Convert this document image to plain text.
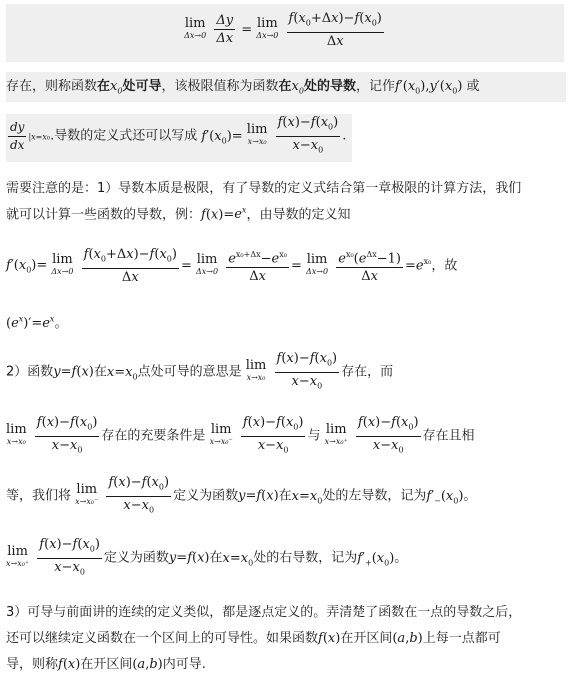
lim
Δx→0
$\frac{\Delta y}{\Delta x} = \lim$
Δx→0
$\frac{f(x_0+\Delta x)-f(x_0)}{\Delta x}$
存在，则称函数在$x_0$处可导，该极限值称为函数在$x_0$处的导数，记作$f'(x_0),y'(x_0)$ 或
$\frac{dy}{dx} |x=x_0$.导数的定义式还可以写成 $f'(x_0)= \lim$
x→x₀
$\frac{f(x)-f(x_0)}{x-x_0}$ .
需要注意的是：1）导数本质是极限，有了导数的定义式结合第一章极限的计算方法，我们
就可以计算一些函数的导数，例：$f(x)=e^x$，由导数的定义知
$f'(x_0)= \lim$
Δx→0
$\frac{f(x_0+\Delta x)-f(x_0)}{\Delta x} = \lim$
Δx→0
$\frac{e^{x_0+\Delta x}-e^{x_0}}{\Delta x} = \lim$
Δx→0
$\frac{e^{x_0}(e^{\Delta x}-1)}{\Delta x} =e^{x_0}$，故
$(e^x)'=e^x$。
2）函数y=f(x)在$x=x_0$点处可导的意思是 lim
x→x₀
$\frac{f(x)-f(x_0)}{x-x_0}$ 存在，而
lim
x→x₀
$\frac{f(x)-f(x_0)}{x-x_0}$ 存在的充要条件是 lim
x→x₀⁻
$\frac{f(x)-f(x_0)}{x-x_0}$ 与 lim
x→x₀⁺
$\frac{f(x)-f(x_0)}{x-x_0}$ 存在且相
等，我们将 lim
x→x₀⁻
$\frac{f(x)-f(x_0)}{x-x_0}$ 定义为函数y=f(x)在$x=x_0$处的左导数，记为$f'_-(x_0)$。
lim
x→x₀⁺
$\frac{f(x)-f(x_0)}{x-x_0}$ 定义为函数y=f(x)在$x=x_0$处的右导数，记为$f'_+(x_0)$。
3）可导与前面讲的连续的定义类似，都是逐点定义的。弄清楚了函数在一点的导数之后，
还可以继续定义函数在一个区间上的可导性。如果函数f(x)在开区间(a,b)上每一点都可
导，则称f(x)在开区间(a,b)内可导.
